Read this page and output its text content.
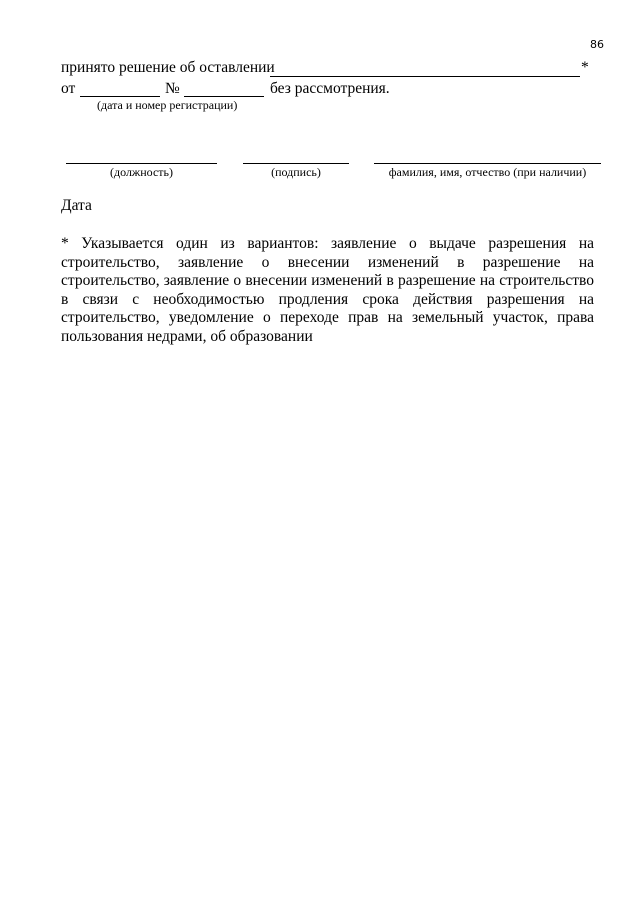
86
принято решение об оставлении	*
от	№	без рассмотрения.
(дата и номер регистрации)
(должность)	(подпись)	фамилия, имя, отчество (при наличии)
Дата
* Указывается один из вариантов: заявление о выдаче разрешения на строительство, заявление о внесении изменений в разрешение на строительство, заявление о внесении изменений в разрешение на строительство в связи с необходимостью продления срока действия разрешения на строительство, уведомление о переходе прав на земельный участок, права пользования недрами, об образовании
